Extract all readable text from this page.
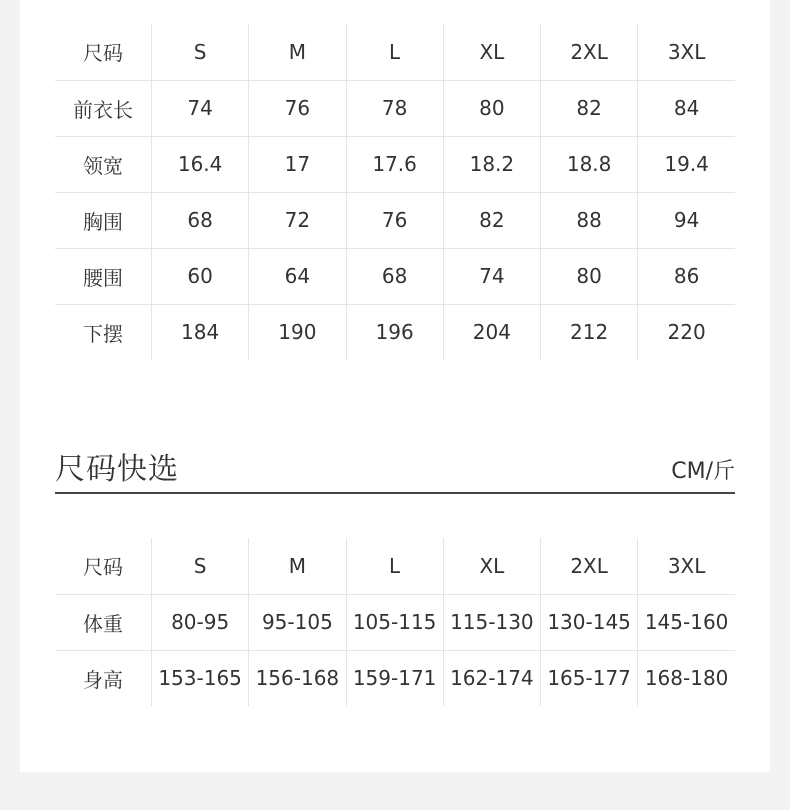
尺码	S	M	L	XL	2XL	3XL
前衣长	74	76	78	80	82	84
领宽	16.4	17	17.6	18.2	18.8	19.4
胸围	68	72	76	82	88	94
腰围	60	64	68	74	80	86
下摆	184	190	196	204	212	220
尺码快选	CM/斤
尺码	S	M	L	XL	2XL	3XL
体重	80-95	95-105	105-115	115-130	130-145	145-160
身高	153-165	156-168	159-171	162-174	165-177	168-180
